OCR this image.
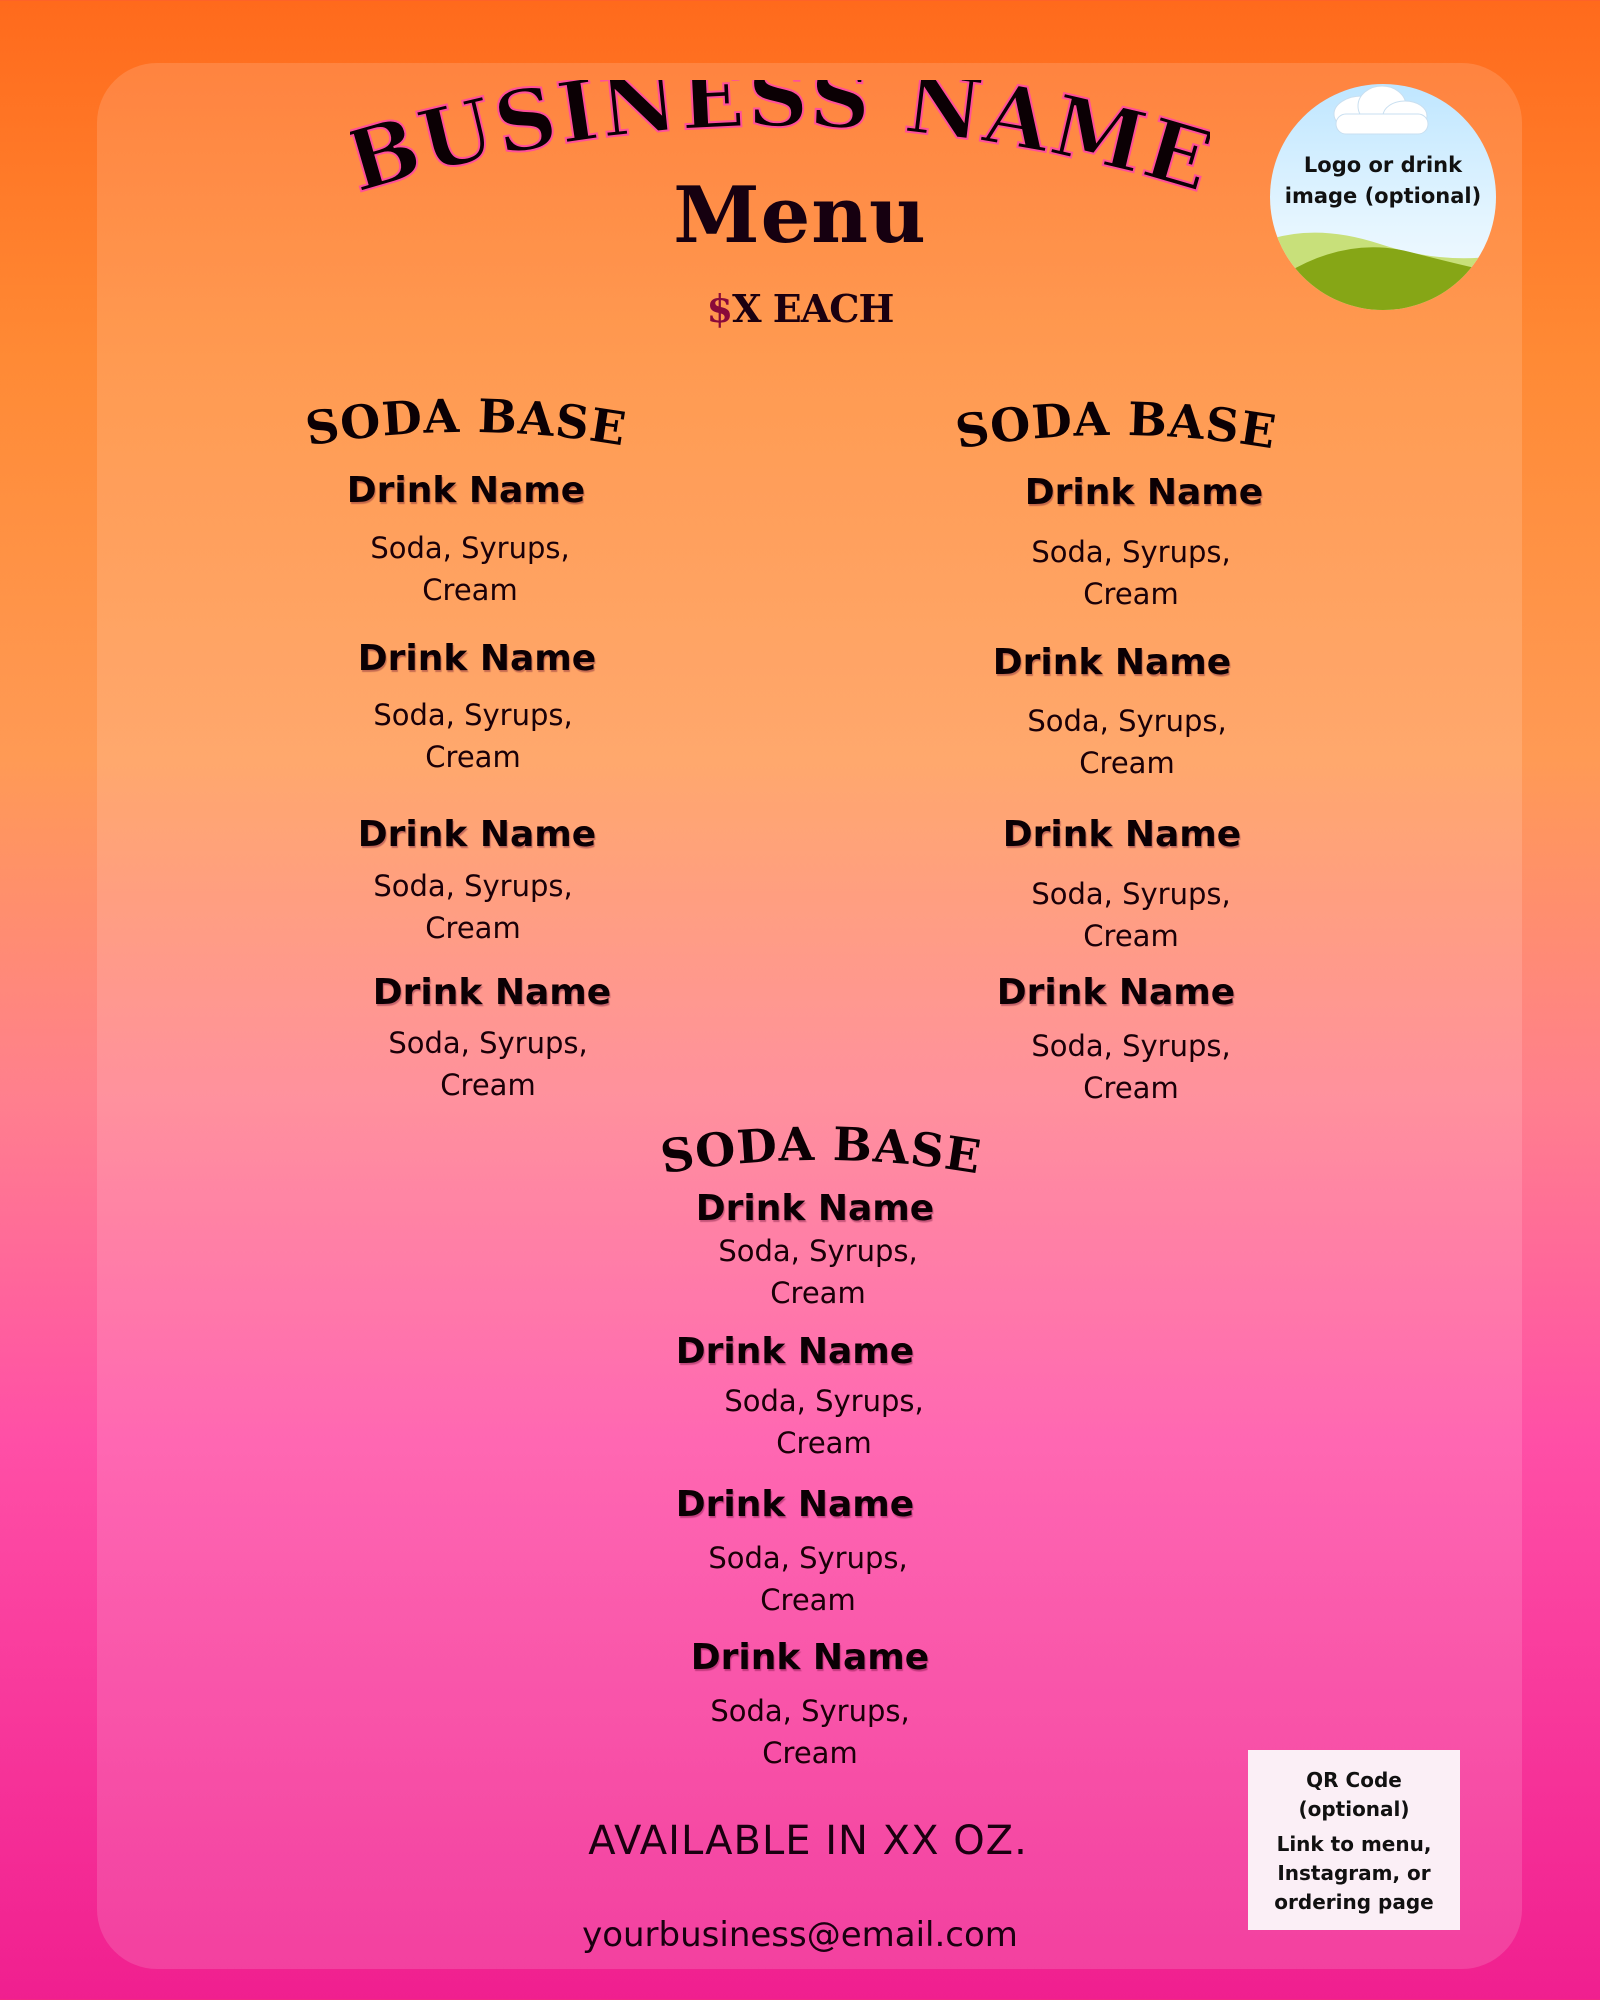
USINESS NAM
Menu
$X EACH
Logo or drink image (optional)
SODA BASE
Drink Name
Soda, Syrups,
Cream
Drink Name
Soda, Syrups,
Cream
Drink Name
Soda, Syrups,
Cream
Drink Name
Soda, Syrups,
Cream
SODA BASE
Drink Name
Soda, Syrups,
Cream
Drink Name
Soda, Syrups,
Cream
Drink Name
Soda, Syrups,
Cream
Drink Name
Soda, Syrups,
Cream
SODA BASE
Drink Name
Soda, Syrups,
Cream
Drink Name
Soda, Syrups,
Cream
Drink Name
Soda, Syrups,
Cream
Drink Name
Soda, Syrups,
Cream
QR Code
(optional)
Link to menu,
Instagram, or
ordering page
AVAILABLE IN XX OZ.
yourbusiness@email.com
